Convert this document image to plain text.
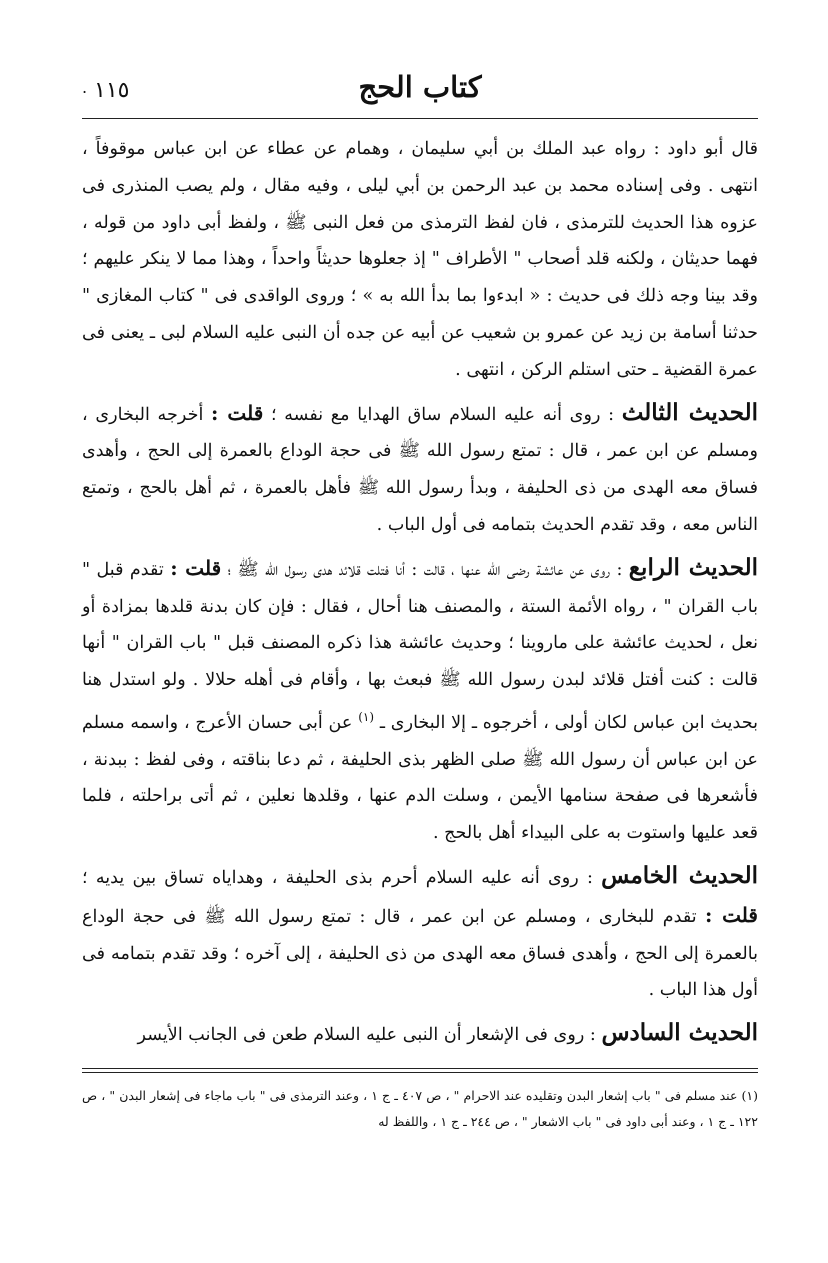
١١٥	كتاب الحج
.

قال أبو داود : رواه عبد الملك بن أبي سليمان ، وهمام عن عطاء عن ابن عباس موقوفاً ، انتهى . وفى إسناده محمد بن عبد الرحمن بن أبي ليلى ، وفيه مقال ، ولم يصب المنذرى فى عزوه هذا الحديث للترمذى ، فان لفظ الترمذى من فعل النبى ﷺ ، ولفظ أبى داود من قوله ، فهما حديثان ، ولكنه قلد أصحاب " الأطراف " إذ جعلوها حديثاً واحداً ، وهذا مما لا ينكر عليهم ؛ وقد بينا وجه ذلك فى حديث : « ابدءوا بما بدأ الله به » ؛ وروى الواقدى فى " كتاب المغازى " حدثنا أسامة بن زيد عن عمرو بن شعيب عن أبيه عن جده أن النبى عليه السلام لبى ـ يعنى فى عمرة القضية ـ حتى استلم الركن ، انتهى .

الحديث الثالث : روى أنه عليه السلام ساق الهدايا مع نفسه ؛ قلت : أخرجه البخارى ، ومسلم عن ابن عمر ، قال : تمتع رسول الله ﷺ فى حجة الوداع بالعمرة إلى الحج ، وأهدى فساق معه الهدى من ذى الحليفة ، وبدأ رسول الله ﷺ فأهل بالعمرة ، ثم أهل بالحج ، وتمتع الناس معه ، وقد تقدم الحديث بتمامه فى أول الباب .

الحديث الرابع : روى عن عائشة رضى الله عنها ، قالت : أنا فتلت قلائد هدى رسول الله ﷺ ؛ قلت : تقدم قبل " باب القران " ، رواه الأئمة الستة ، والمصنف هنا أحال ، فقال : فإن كان بدنة قلدها بمزادة أو نعل ، لحديث عائشة على ماروينا ؛ وحديث عائشة هذا ذكره المصنف قبل " باب القران " أنها قالت : كنت أفتل قلائد لبدن رسول الله ﷺ فبعث بها ، وأقام فى أهله حلالا . ولو استدل هنا بحديث ابن عباس لكان أولى ، أخرجوه ـ إلا البخارى ـ $^{(١)}$ عن أبى حسان الأعرج ، واسمه مسلم عن ابن عباس أن رسول الله ﷺ صلى الظهر بذى الحليفة ، ثم دعا بناقته ، وفى لفظ : ببدنة ، فأشعرها فى صفحة سنامها الأيمن ، وسلت الدم عنها ، وقلدها نعلين ، ثم أتى براحلته ، فلما قعد عليها واستوت به على البيداء أهل بالحج .

الحديث الخامس : روى أنه عليه السلام أحرم بذى الحليفة ، وهداياه تساق بين يديه ؛ قلت : تقدم للبخارى ، ومسلم عن ابن عمر ، قال : تمتع رسول الله ﷺ فى حجة الوداع بالعمرة إلى الحج ، وأهدى فساق معه الهدى من ذى الحليفة ، إلى آخره ؛ وقد تقدم بتمامه فى أول هذا الباب .

الحديث السادس : روى فى الإشعار أن النبى عليه السلام طعن فى الجانب الأيسر

(١) عند مسلم فى " باب إشعار البدن وتقليده عند الاحرام " ، ص ٤٠٧ ـ ج ١ ، وعند الترمذى فى " باب ماجاء فى إشعار البدن " ، ص ١٢٢ ـ ج ١ ، وعند أبى داود فى " باب الاشعار " ، ص ٢٤٤ ـ ج ١ ، واللفظ له
